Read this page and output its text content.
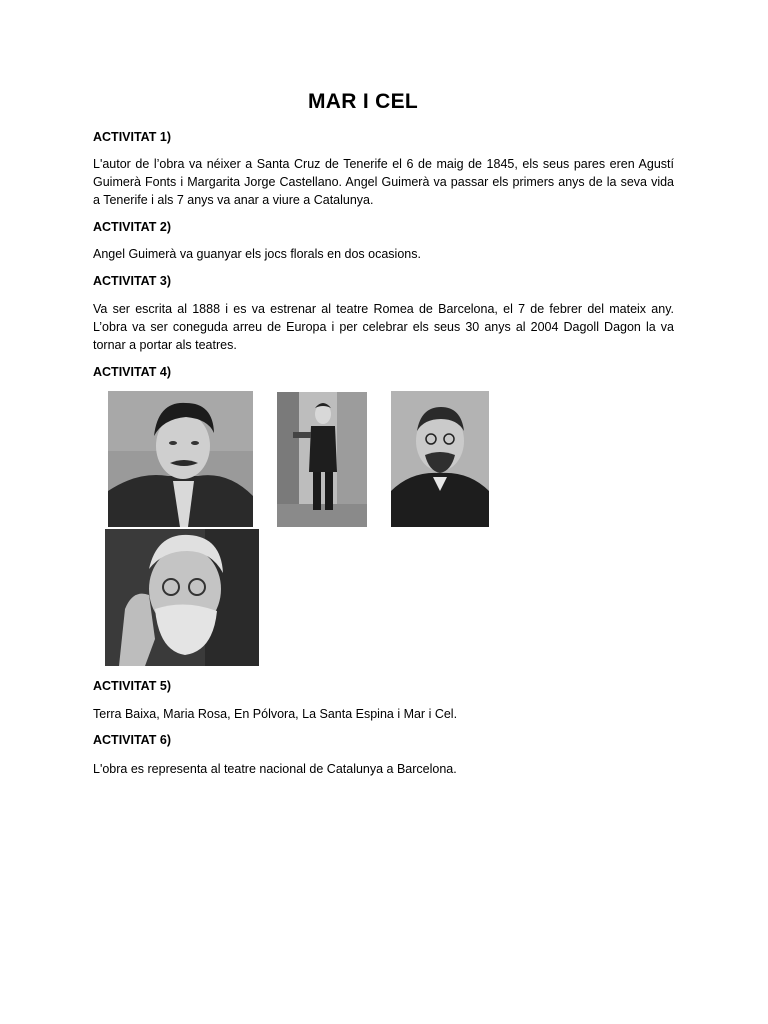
MAR I CEL
ACTIVITAT 1)
L'autor de l’obra va néixer a Santa Cruz de Tenerife el 6 de maig de 1845, els seus pares eren Agustí Guimerà Fonts i Margarita Jorge Castellano. Angel Guimerà va passar els primers anys de la seva vida a Tenerife i als 7 anys va anar a viure a Catalunya.
ACTIVITAT 2)
Angel Guimerà va guanyar els jocs florals en dos ocasions.
ACTIVITAT 3)
Va ser escrita al 1888 i es va estrenar al teatre Romea de Barcelona, el 7 de febrer del mateix any. L’obra va ser coneguda arreu de Europa i per celebrar els seus 30 anys al 2004 Dagoll Dagon la va tornar a portar als teatres.
ACTIVITAT 4)
ACTIVITAT 5)
Terra Baixa, Maria Rosa, En Pólvora, La Santa Espina i Mar i Cel.
ACTIVITAT 6)
L'obra es representa al teatre nacional de Catalunya a Barcelona.
